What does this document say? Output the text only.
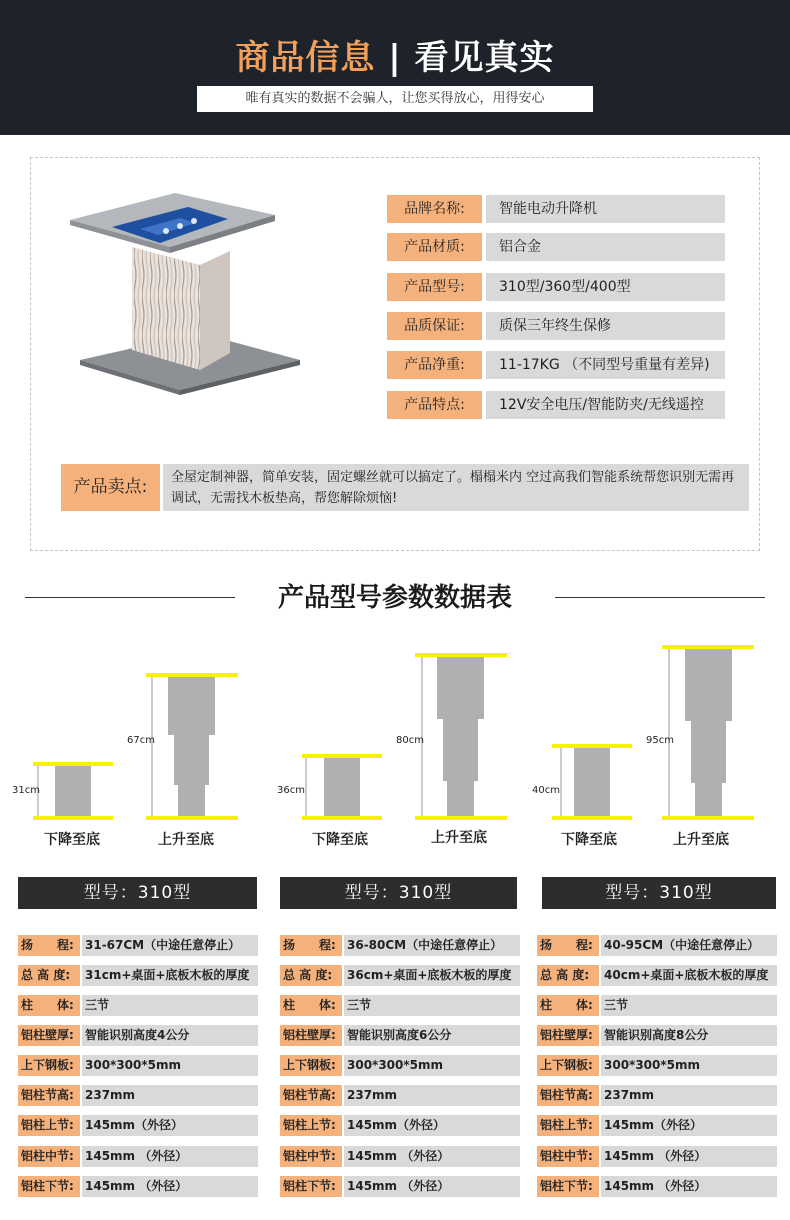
商品信息 | 看见真实
唯有真实的数据不会骗人，让您买得放心，用得安心
品牌名称:	智能电动升降机
产品材质:	铝合金
产品型号:	310型/360型/400型
品质保证:	质保三年终生保修
产品净重:	11-17KG （不同型号重量有差异)
产品特点:	12V安全电压/智能防夹/无线遥控
产品卖点:	全屋定制神器，简单安装，固定螺丝就可以搞定了。榻榻米内 空过高我们智能系统帮您识别无需再调试，无需找木板垫高，帮您解除烦恼!
产品型号参数数据表
31cm
67cm
下降至底	上升至底
36cm
80cm
下降至底	上升至底
40cm
95cm
下降至底	上升至底
型号：310型	型号：310型	型号：310型
扬　　程: 31-67CM（中途任意停止）
总 高 度:	31cm+桌面+底板木板的厚度
柱　　体: 三节
铝柱壁厚: 智能识别高度4公分
上下钢板: 300*300*5mm
铝柱节高: 237mm
铝柱上节: 145mm（外径）
铝柱中节: 145mm （外径）
铝柱下节: 145mm （外径）
扬　　程: 36-80CM（中途任意停止）
总 高 度:	36cm+桌面+底板木板的厚度
柱　　体: 三节
铝柱壁厚: 智能识别高度6公分
上下钢板: 300*300*5mm
铝柱节高: 237mm
铝柱上节: 145mm（外径）
铝柱中节: 145mm （外径）
铝柱下节: 145mm （外径）
扬　　程: 40-95CM（中途任意停止）
总 高 度:	40cm+桌面+底板木板的厚度
柱　　体: 三节
铝柱壁厚: 智能识别高度8公分
上下钢板: 300*300*5mm
铝柱节高: 237mm
铝柱上节: 145mm（外径）
铝柱中节: 145mm （外径）
铝柱下节: 145mm （外径）
